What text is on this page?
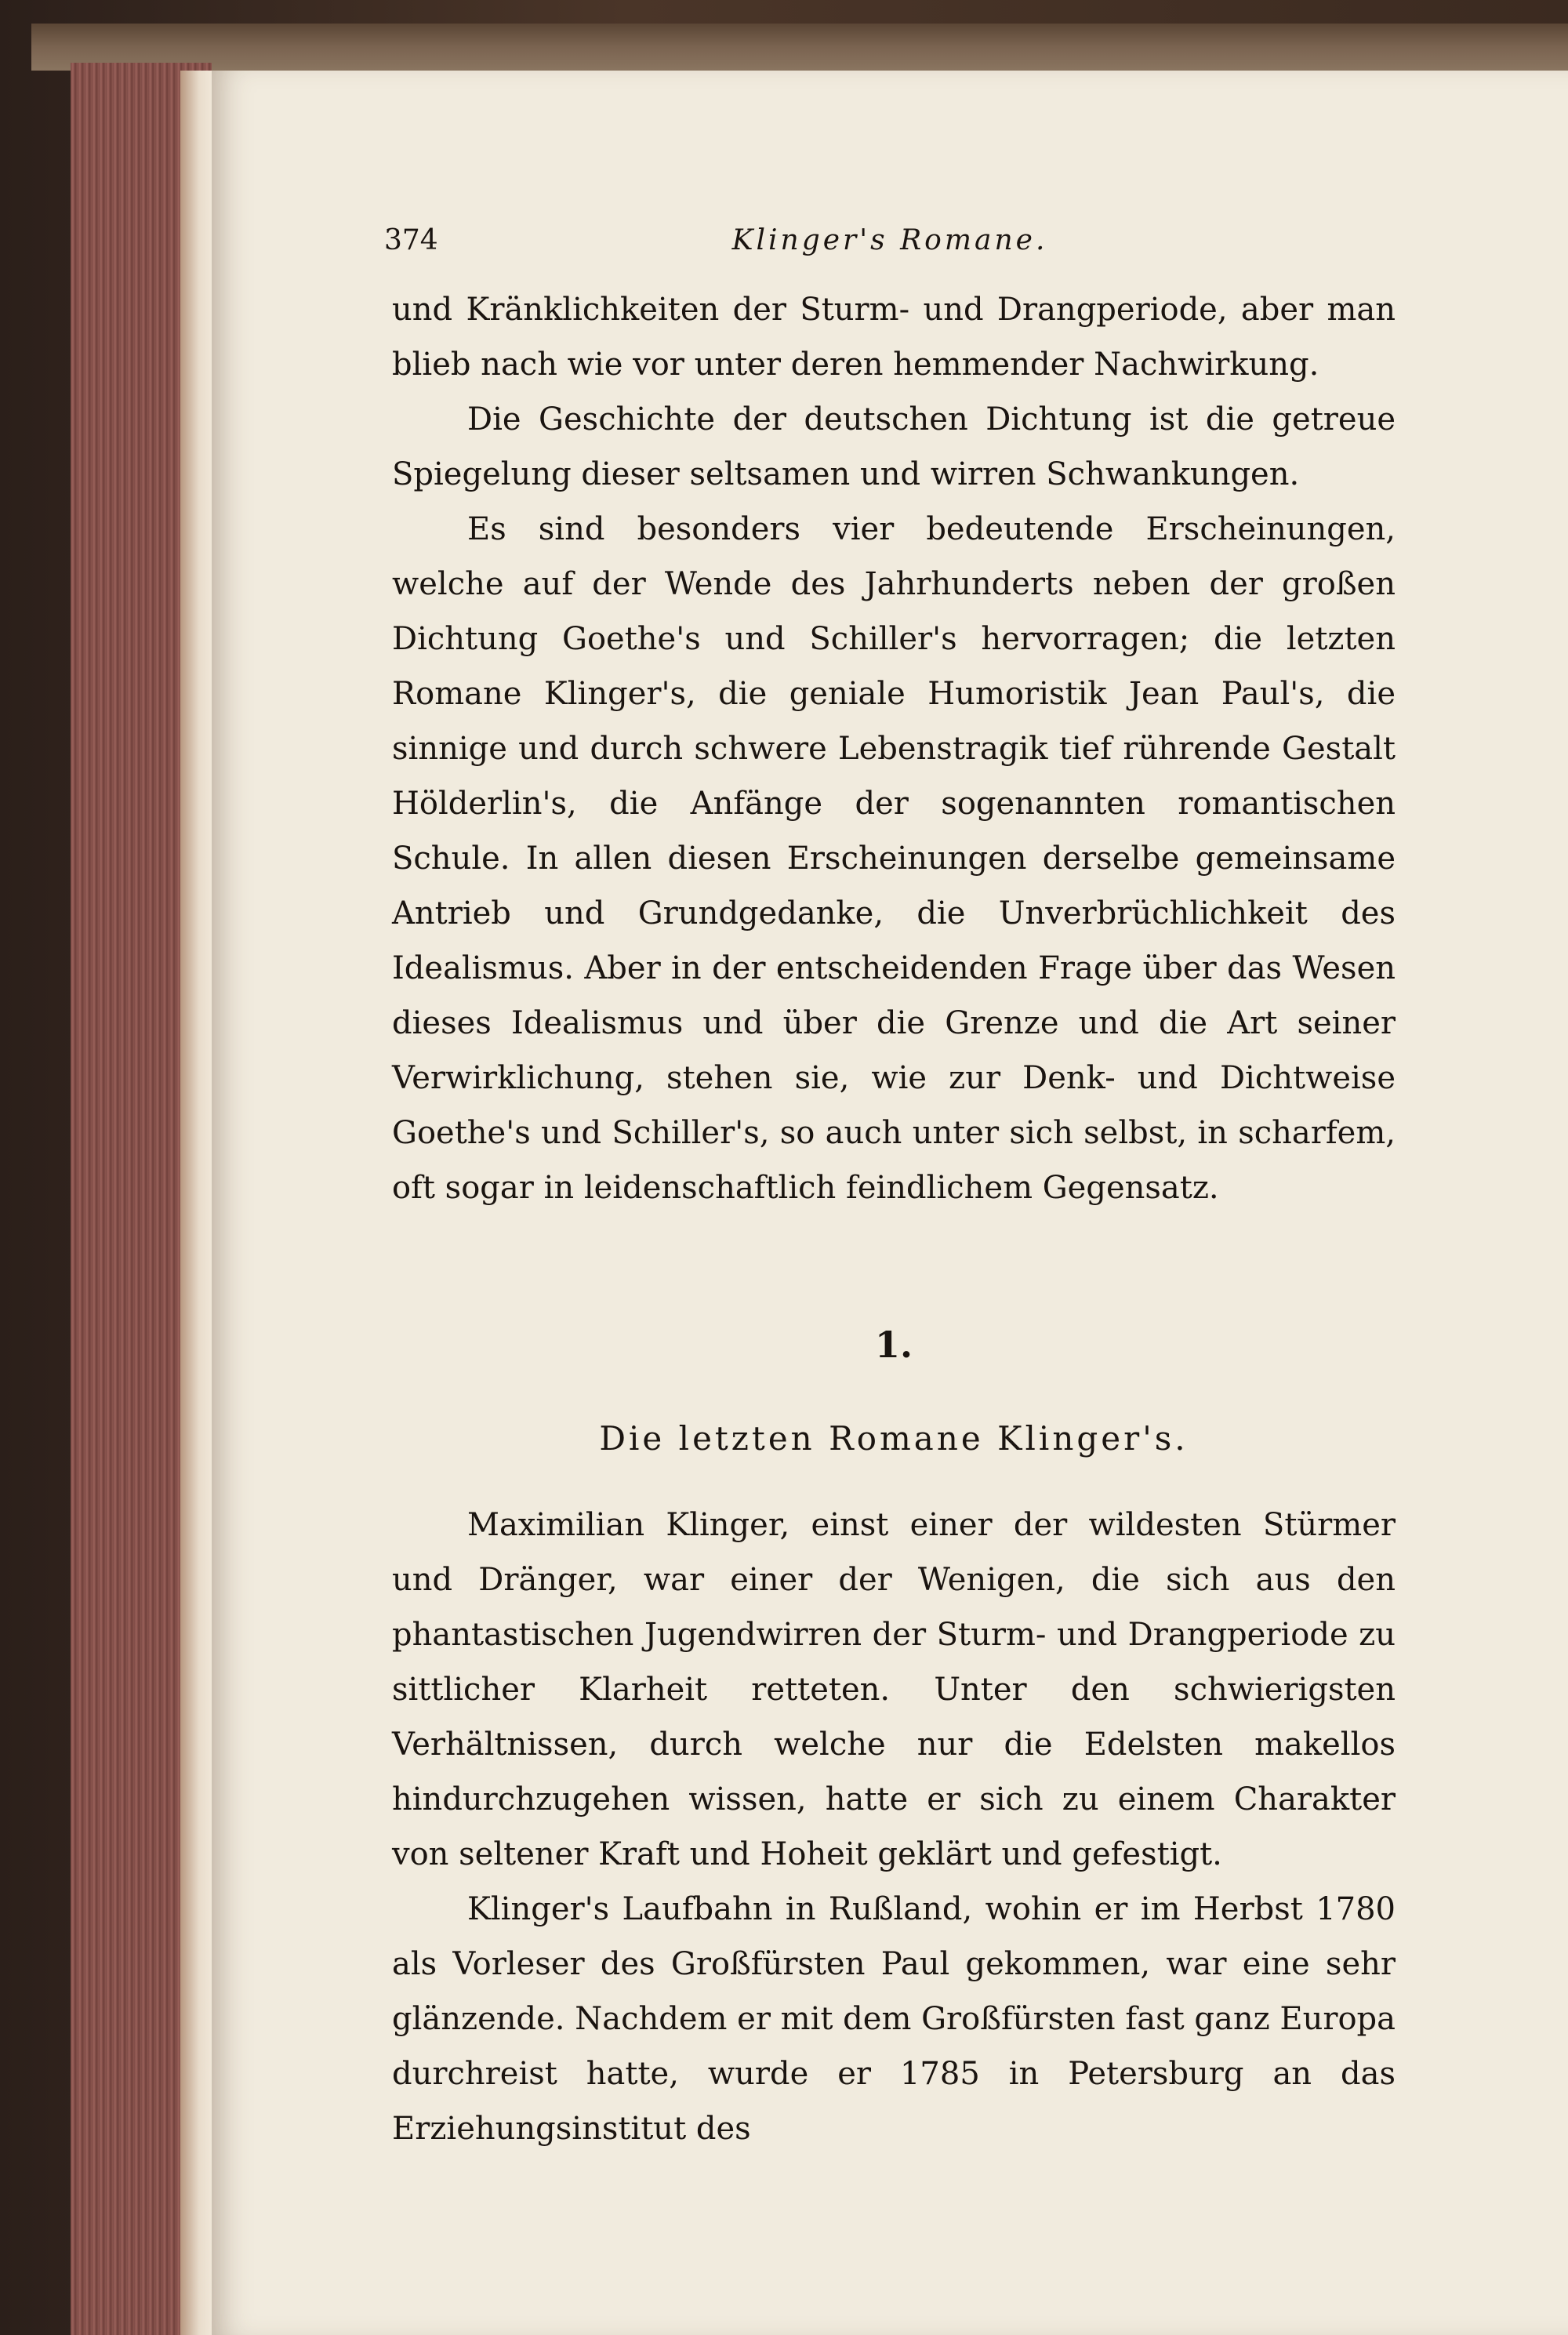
374	Klinger's Romane.

und Kränklichkeiten der Sturm- und Drangperiode, aber man blieb nach wie vor unter deren hemmender Nachwirkung.

Die Geschichte der deutschen Dichtung ist die getreue Spiegelung dieser seltsamen und wirren Schwankungen.

Es sind besonders vier bedeutende Erscheinungen, welche auf der Wende des Jahrhunderts neben der großen Dichtung Goethe's und Schiller's hervorragen; die letzten Romane Klinger's, die geniale Humoristik Jean Paul's, die sinnige und durch schwere Lebenstragik tief rührende Gestalt Hölderlin's, die Anfänge der sogenannten romantischen Schule. In allen diesen Erscheinungen derselbe gemeinsame Antrieb und Grundgedanke, die Unverbrüchlichkeit des Idealismus. Aber in der entscheidenden Frage über das Wesen dieses Idealismus und über die Grenze und die Art seiner Verwirklichung, stehen sie, wie zur Denk- und Dichtweise Goethe's und Schiller's, so auch unter sich selbst, in scharfem, oft sogar in leidenschaftlich feindlichem Gegensatz.

1.
Die letzten Romane Klinger's.

Maximilian Klinger, einst einer der wildesten Stürmer und Dränger, war einer der Wenigen, die sich aus den phantastischen Jugendwirren der Sturm- und Drangperiode zu sittlicher Klarheit retteten. Unter den schwierigsten Verhältnissen, durch welche nur die Edelsten makellos hindurchzugehen wissen, hatte er sich zu einem Charakter von seltener Kraft und Hoheit geklärt und gefestigt.

Klinger's Laufbahn in Rußland, wohin er im Herbst 1780 als Vorleser des Großfürsten Paul gekommen, war eine sehr glänzende. Nachdem er mit dem Großfürsten fast ganz Europa durchreist hatte, wurde er 1785 in Petersburg an das Erziehungsinstitut des
